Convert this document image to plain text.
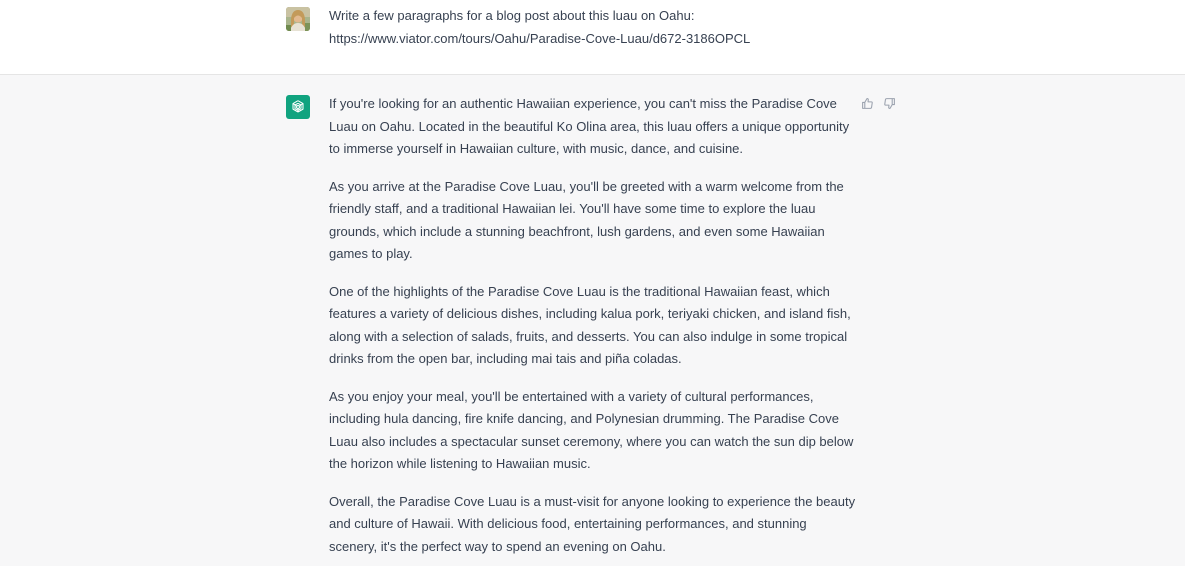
Write a few paragraphs for a blog post about this luau on Oahu:
https://www.viator.com/tours/Oahu/Paradise-Cove-Luau/d672-3186OPCL

If you're looking for an authentic Hawaiian experience, you can't miss the Paradise Cove Luau on Oahu. Located in the beautiful Ko Olina area, this luau offers a unique opportunity to immerse yourself in Hawaiian culture, with music, dance, and cuisine.

As you arrive at the Paradise Cove Luau, you'll be greeted with a warm welcome from the friendly staff, and a traditional Hawaiian lei. You'll have some time to explore the luau grounds, which include a stunning beachfront, lush gardens, and even some Hawaiian games to play.

One of the highlights of the Paradise Cove Luau is the traditional Hawaiian feast, which features a variety of delicious dishes, including kalua pork, teriyaki chicken, and island fish, along with a selection of salads, fruits, and desserts. You can also indulge in some tropical drinks from the open bar, including mai tais and piña coladas.

As you enjoy your meal, you'll be entertained with a variety of cultural performances, including hula dancing, fire knife dancing, and Polynesian drumming. The Paradise Cove Luau also includes a spectacular sunset ceremony, where you can watch the sun dip below the horizon while listening to Hawaiian music.

Overall, the Paradise Cove Luau is a must-visit for anyone looking to experience the beauty and culture of Hawaii. With delicious food, entertaining performances, and stunning scenery, it's the perfect way to spend an evening on Oahu.
